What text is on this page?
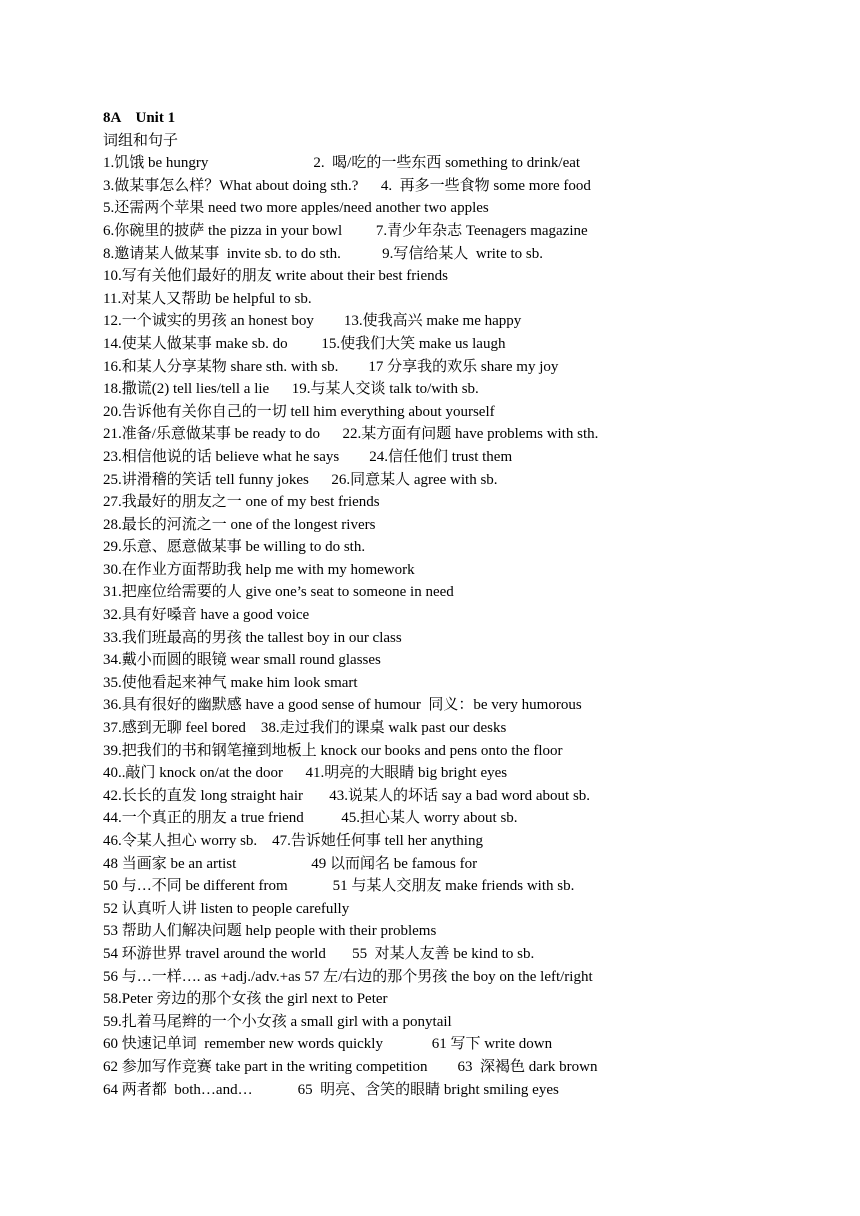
8A    Unit 1
词组和句子
1.饥饿 be hungry                            2.  喝/吃的一些东西 something to drink/eat
3.做某事怎么样？What about doing sth.?      4.  再多一些食物 some more food
5.还需两个苹果 need two more apples/need another two apples
6.你碗里的披萨 the pizza in your bowl         7.青少年杂志 Teenagers magazine
8.邀请某人做某事  invite sb. to do sth.           9.写信给某人  write to sb.
10.写有关他们最好的朋友 write about their best friends
11.对某人又帮助 be helpful to sb.
12.一个诚实的男孩 an honest boy        13.使我高兴 make me happy
14.使某人做某事 make sb. do         15.使我们大笑 make us laugh
16.和某人分享某物 share sth. with sb.        17 分享我的欢乐 share my joy
18.撒谎(2) tell lies/tell a lie      19.与某人交谈 talk to/with sb.
20.告诉他有关你自己的一切 tell him everything about yourself
21.准备/乐意做某事 be ready to do      22.某方面有问题 have problems with sth.
23.相信他说的话 believe what he says        24.信任他们 trust them
25.讲滑稽的笑话 tell funny jokes      26.同意某人 agree with sb.
27.我最好的朋友之一 one of my best friends
28.最长的河流之一 one of the longest rivers
29.乐意、愿意做某事 be willing to do sth.
30.在作业方面帮助我 help me with my homework
31.把座位给需要的人 give one’s seat to someone in need
32.具有好嗓音 have a good voice
33.我们班最高的男孩 the tallest boy in our class
34.戴小而圆的眼镜 wear small round glasses
35.使他看起来神气 make him look smart
36.具有很好的幽默感 have a good sense of humour  同义：be very humorous
37.感到无聊 feel bored    38.走过我们的课桌 walk past our desks
39.把我们的书和钢笔撞到地板上 knock our books and pens onto the floor
40..敲门 knock on/at the door      41.明亮的大眼睛 big bright eyes
42.长长的直发 long straight hair       43.说某人的坏话 say a bad word about sb.
44.一个真正的朋友 a true friend          45.担心某人 worry about sb.
46.令某人担心 worry sb.    47.告诉她任何事 tell her anything
48 当画家 be an artist                    49 以而闻名 be famous for
50 与…不同 be different from            51 与某人交朋友 make friends with sb.
52 认真听人讲 listen to people carefully
53 帮助人们解决问题 help people with their problems
54 环游世界 travel around the world       55  对某人友善 be kind to sb.
56 与…一样…. as +adj./adv.+as 57 左/右边的那个男孩 the boy on the left/right
58.Peter 旁边的那个女孩 the girl next to Peter
59.扎着马尾辫的一个小女孩 a small girl with a ponytail
60 快速记单词  remember new words quickly             61 写下 write down
62 参加写作竞赛 take part in the writing competition        63  深褐色 dark brown
64 两者都  both…and…            65  明亮、含笑的眼睛 bright smiling eyes
